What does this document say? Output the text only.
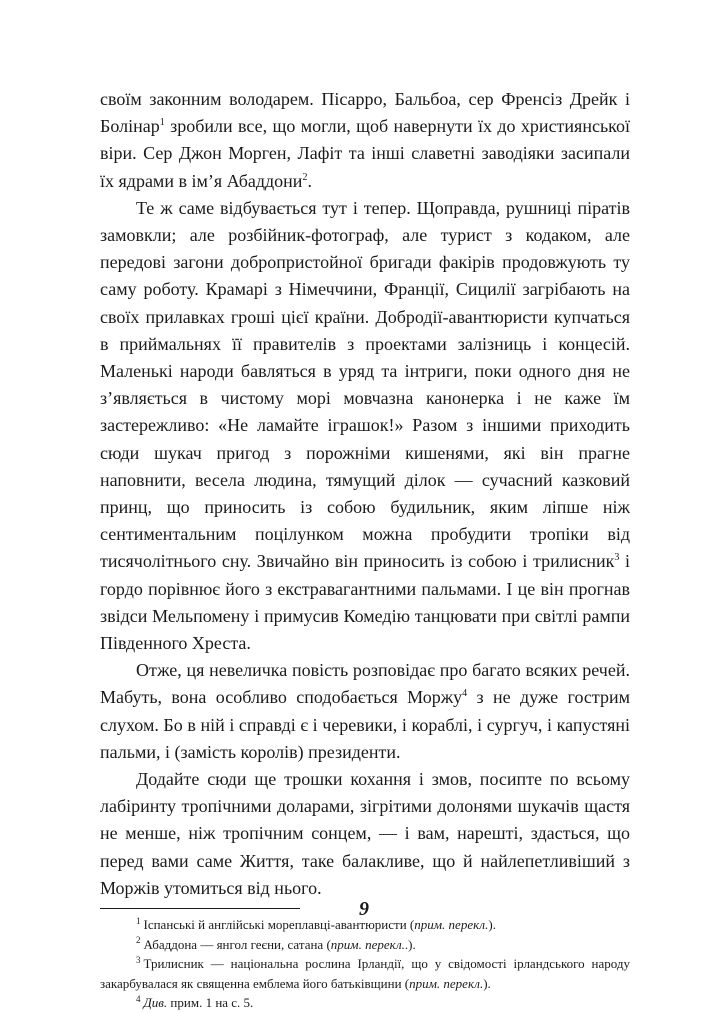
своїм законним володарем. Пісарро, Бальбоа, сер Френсіз Дрейк і Болінар$^1$ зробили все, що могли, щоб навернути їх до християнської віри. Сер Джон Морген, Лафіт та інші славетні заводіяки засипали їх ядрами в ім’я Абаддони$^2$.

Те ж саме відбувається тут і тепер. Щоправда, рушниці піратів замовкли; але розбійник-фотограф, але турист з кодаком, але передові загони добропристойної бригади факірів продовжують ту саму роботу. Крамарі з Німеччини, Франції, Сицилії загрібають на своїх прилавках гроші цієї країни. Добродії-авантюристи купчаться в приймальнях її правителів з проектами залізниць і концесій. Маленькі народи бавляться в уряд та інтриги, поки одного дня не з’являється в чистому морі мовчазна канонерка і не каже їм застережливо: «Не ламайте іграшок!» Разом з іншими приходить сюди шукач пригод з порожніми кишенями, які він прагне наповнити, весела людина, тямущий ділок — сучасний казковий принц, що приносить із собою будильник, яким ліпше ніж сентиментальним поцілунком можна пробудити тропіки від тисячолітнього сну. Звичайно він приносить із собою і трилисник$^3$ і гордо порівнює його з екстравагантними пальмами. І це він прогнав звідси Мельпомену і примусив Комедію танцювати при світлі рампи Південного Хреста.

Отже, ця невеличка повість розповідає про багато всяких речей. Мабуть, вона особливо сподобається Моржу$^4$ з не дуже гострим слухом. Бо в ній і справді є і черевики, і кораблі, і сургуч, і капустяні пальми, і (замість королів) президенти.

Додайте сюди ще трошки кохання і змов, посипте по всьому лабіринту тропічними доларами, зігрітими долонями шукачів щастя не менше, ніж тропічним сонцем, — і вам, нарешті, здасться, що перед вами саме Життя, таке балакливе, що й найлепетливіший з Моржів утомиться від нього.

$^1$ Іспанські й англійські мореплавці-авантюристи (прим. перекл.).

$^2$ Абаддона — янгол геєни, сатана (прим. перекл..).

$^3$ Трилисник — національна рослина Ірландії, що у свідомості ірландського народу закарбувалася як священна емблема його батьківщини (прим. перекл.).

$^4$ Див. прим. 1 на с. 5.

9
